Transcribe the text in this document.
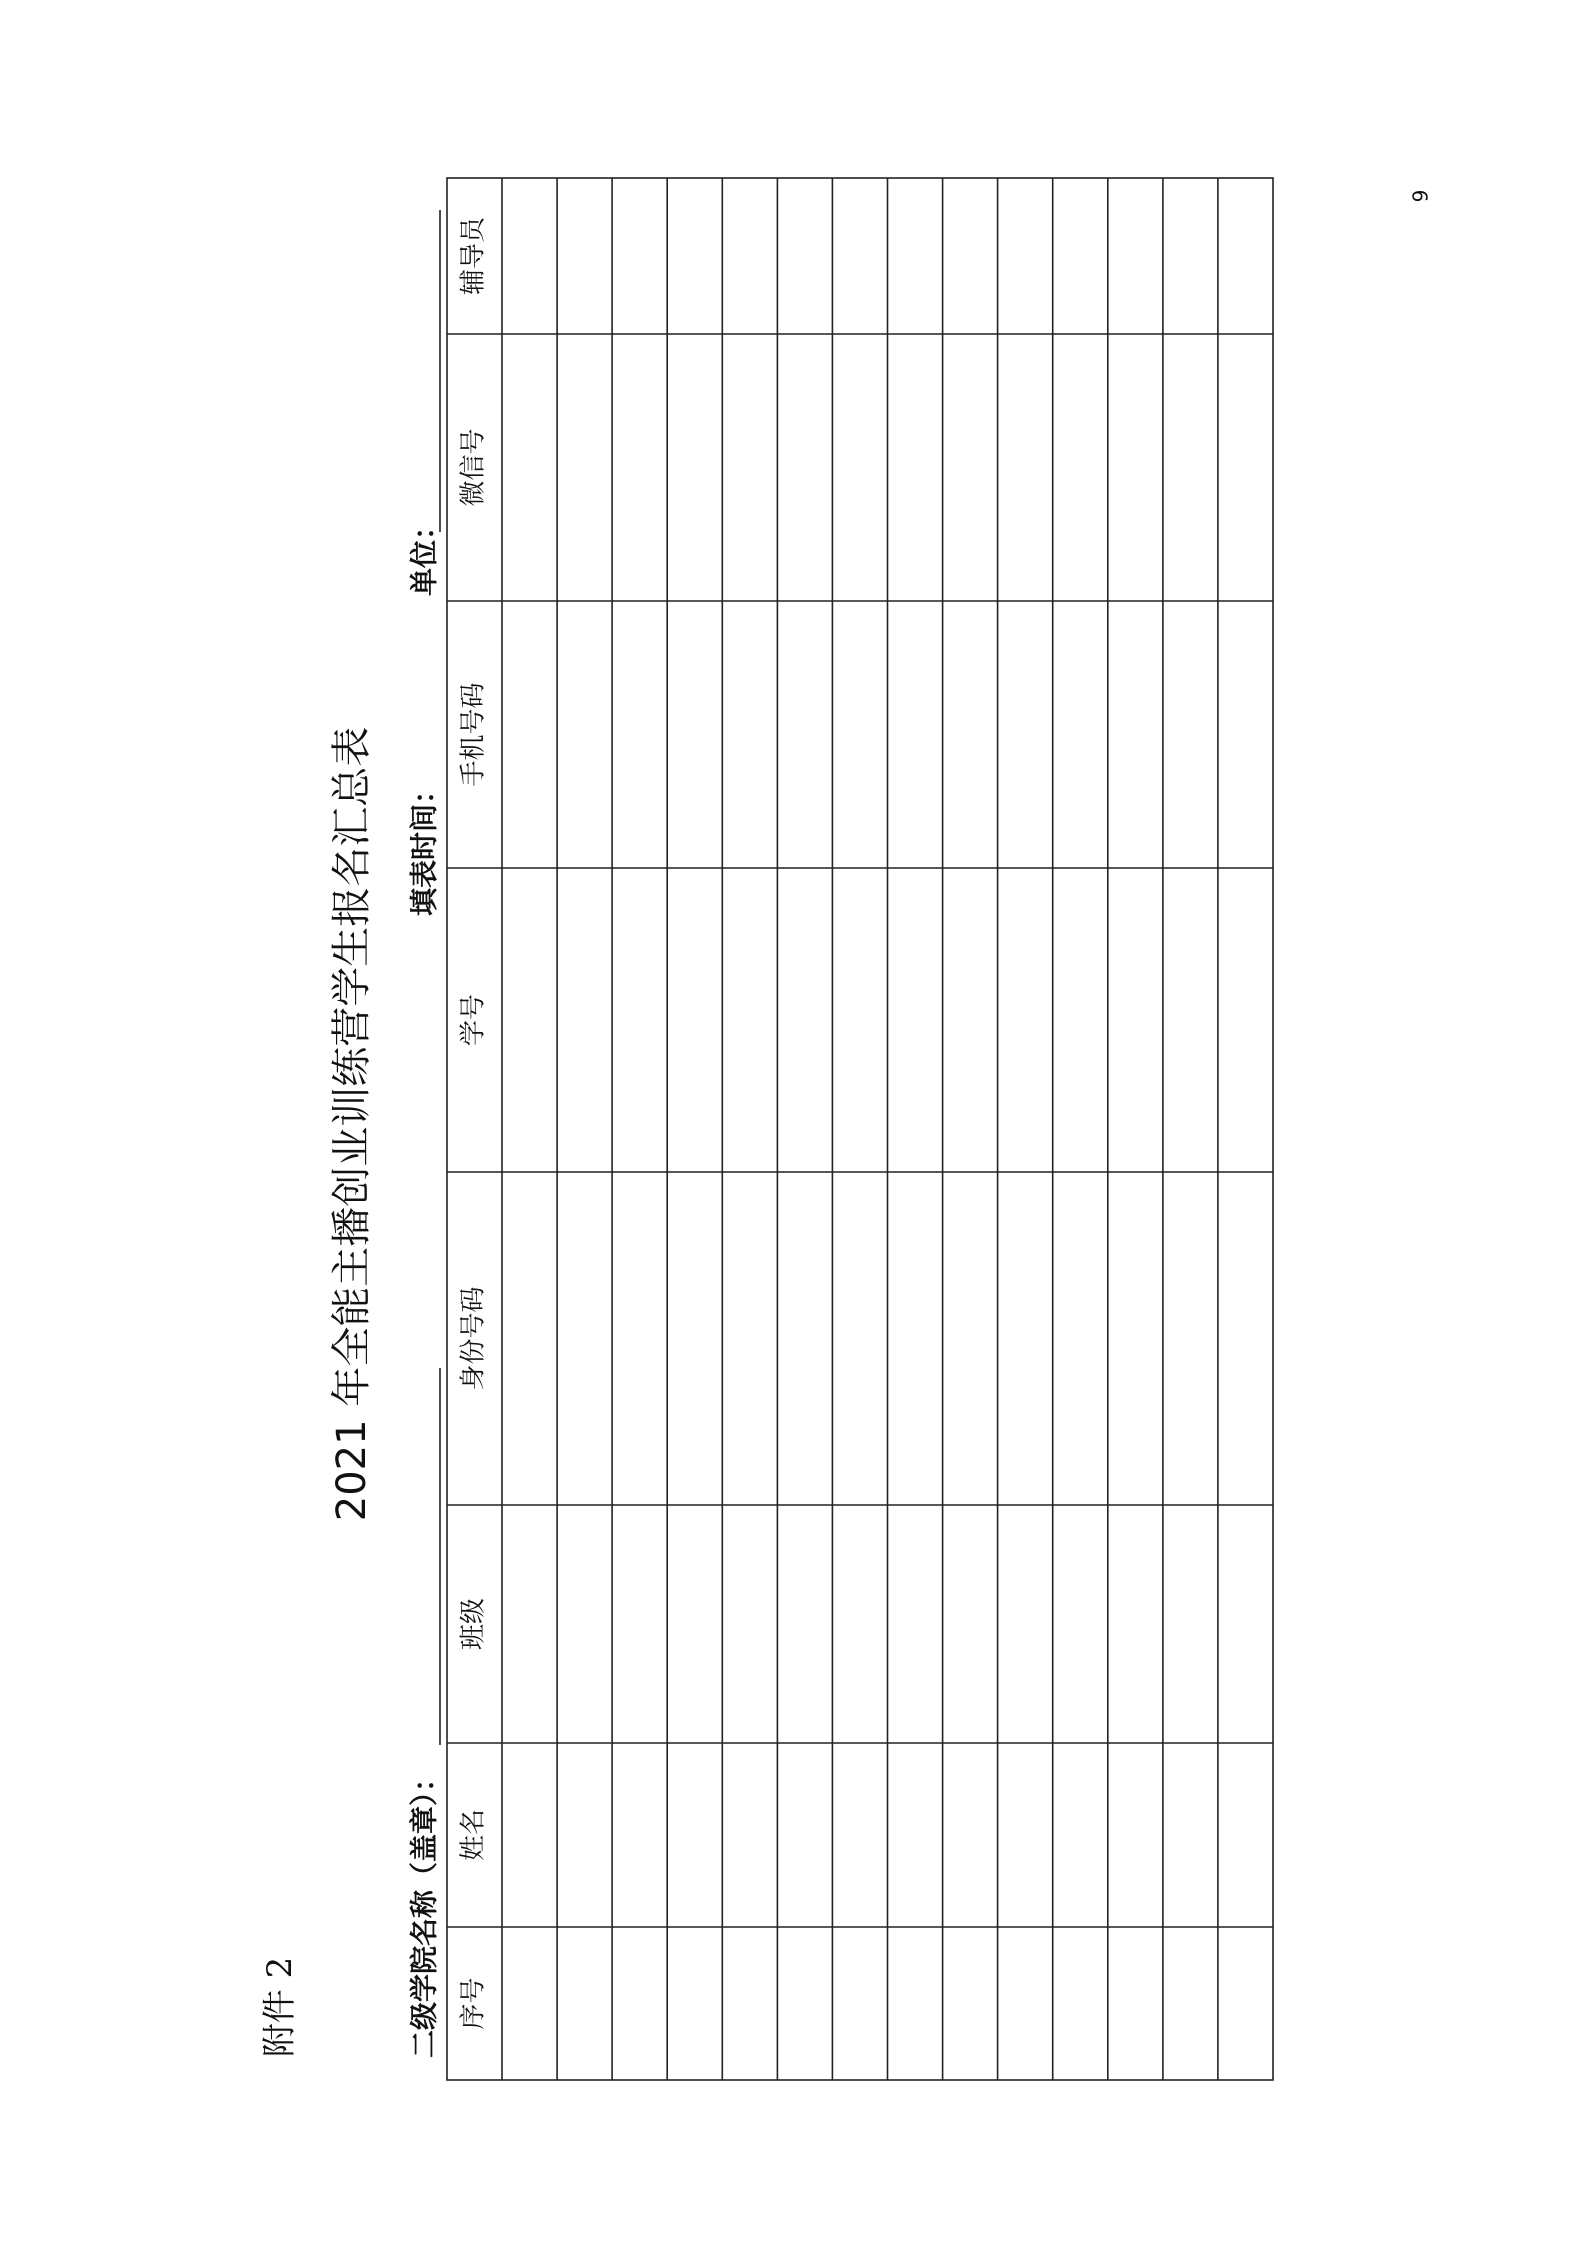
6
附件 2
2021 年全能主播创业训练营学生报名汇总表
二级学院名称（盖章）：
填表时间：
单位：
序号
姓名
班级
身份号码
学号
手机号码
微信号
辅导员
